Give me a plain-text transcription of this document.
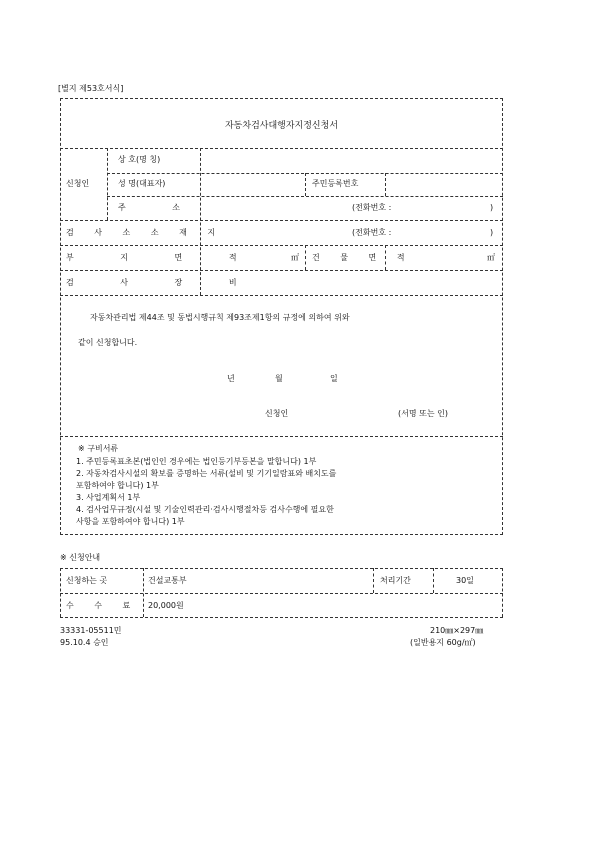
[별지 제53호서식]
자동차검사대행자지정신청서
신청인
상 호(명 칭)
성 명(대표자)	주민등록번호
주 소	(전화번호 :	)
검 사 소 소 재 지	(전화번호 :	)
부 지 면 적	㎡ 건 물 면 적	㎡
검 사 장 비
자동차관리법 제44조 및 동법시행규칙 제93조제1항의 규정에 의하여 위와
같이 신청합니다.
년	월	일
신청인	(서명 또는 인)
※ 구비서류
1. 주민등록표초본(법인인 경우에는 법인등기부등본을 말합니다) 1부
2. 자동차검사시설의 확보를 증명하는 서류(설비 및 기기일람표와 배치도를
포함하여야 합니다) 1부
3. 사업계획서 1부
4. 검사업무규정(시설 및 기술인력관리·검사시행절차등 검사수행에 필요한
사항을 포함하여야 합니다) 1부
※ 신청안내
신청하는 곳	건설교통부	처리기간	30일
수 수 료 20,000원
33331-05511민
95.10.4 승인
210㎜×297㎜
(일반용지 60g/㎡)
